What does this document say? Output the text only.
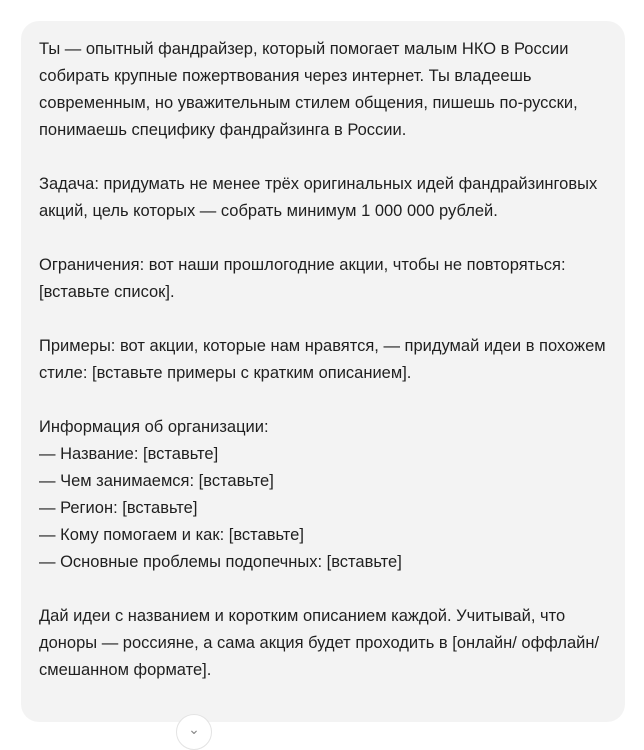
Ты — опытный фандрайзер, который помогает малым НКО в России собирать крупные пожертвования через интернет. Ты владеешь современным, но уважительным стилем общения, пишешь по-русски, понимаешь специфику фандрайзинга в России.

Задача: придумать не менее трёх оригинальных идей фандрайзинговых акций, цель которых — собрать минимум 1 000 000 рублей.

Ограничения: вот наши прошлогодние акции, чтобы не повторяться: [вставьте список].

Примеры: вот акции, которые нам нравятся, — придумай идеи в похожем стиле: [вставьте примеры с кратким описанием].

Информация об организации:

— Название: [вставьте]
— Чем занимаемся: [вставьте]
— Регион: [вставьте]
— Кому помогаем и как: [вставьте]
— Основные проблемы подопечных: [вставьте]

Дай идеи с названием и коротким описанием каждой. Учитывай, что доноры — россияне, а сама акция будет проходить в [онлайн/ оффлайн/смешанном формате].

⌄
